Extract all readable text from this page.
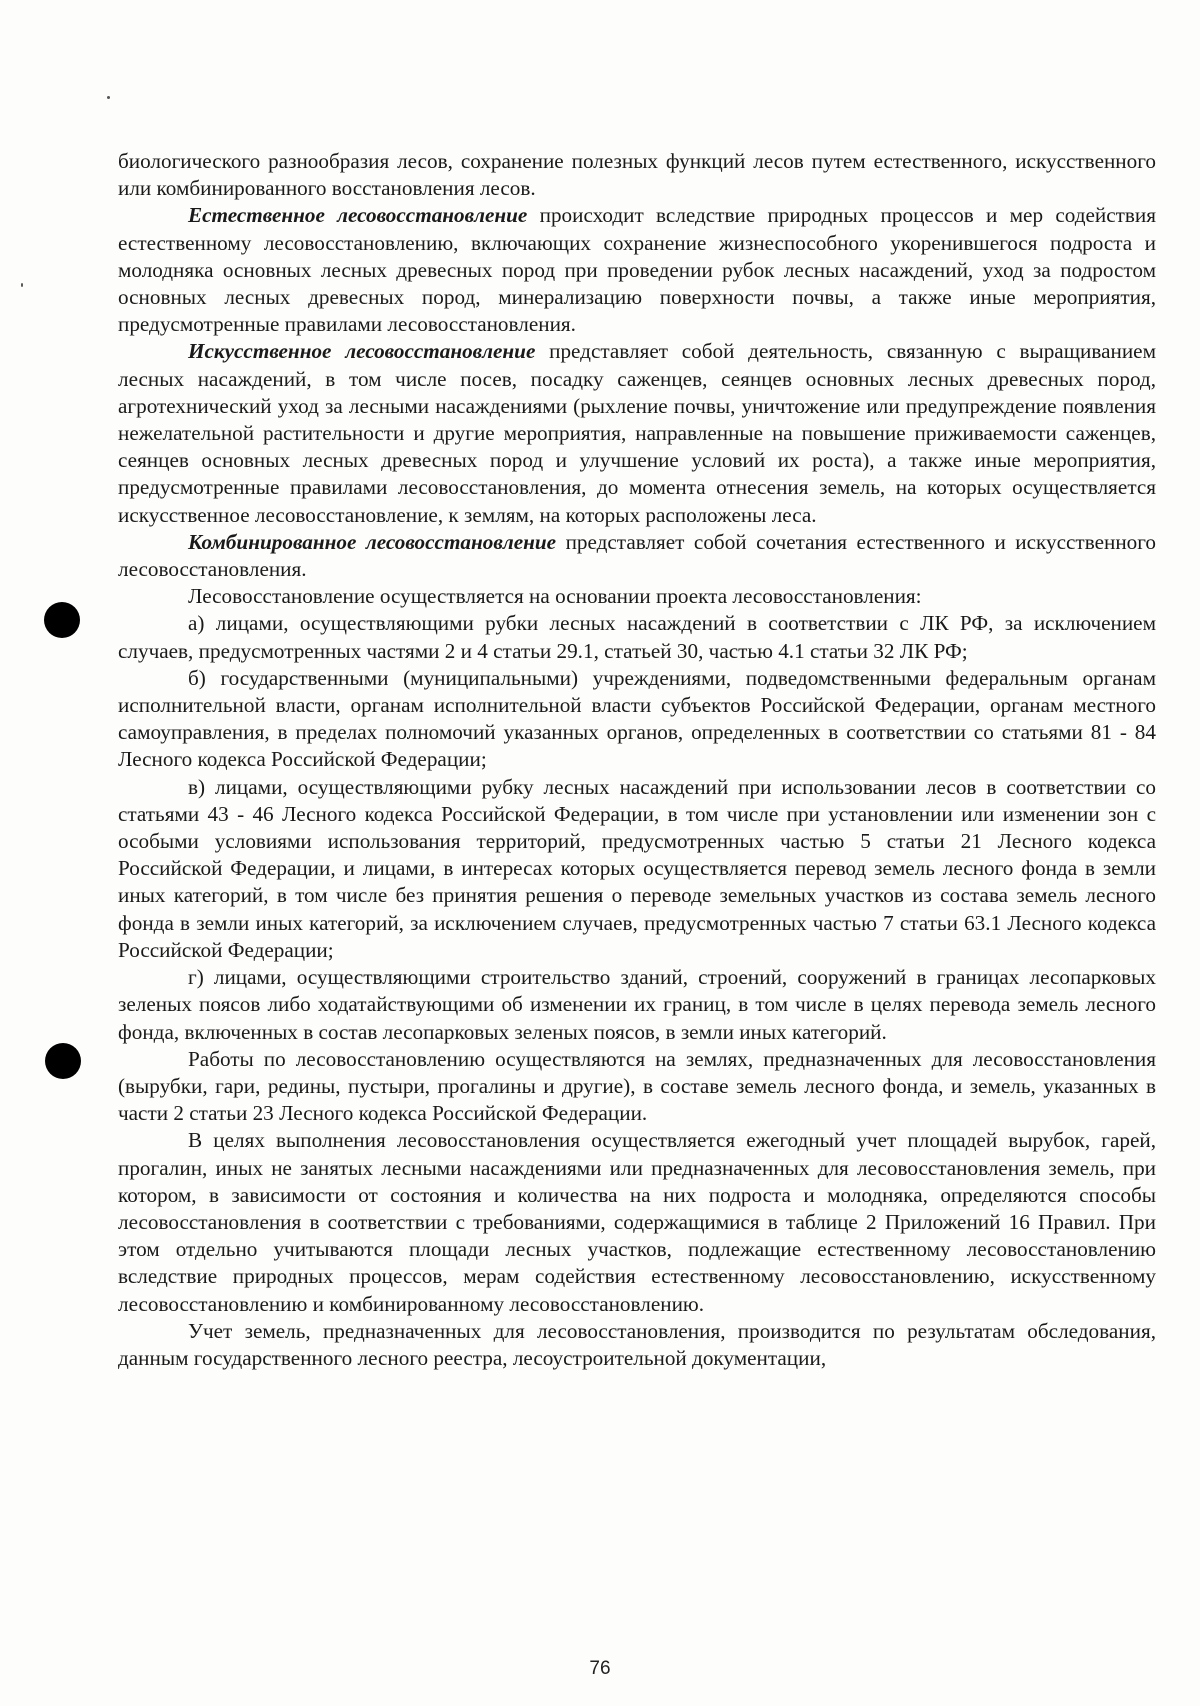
биологического разнообразия лесов, сохранение полезных функций лесов путем естественного, искусственного или комбинированного восстановления лесов.

Естественное лесовосстановление происходит вследствие природных процессов и мер содействия естественному лесовосстановлению, включающих сохранение жизнеспособного укоренившегося подроста и молодняка основных лесных древесных пород при проведении рубок лесных насаждений, уход за подростом основных лесных древесных пород, минерализацию поверхности почвы, а также иные мероприятия, предусмотренные правилами лесовосстановления.

Искусственное лесовосстановление представляет собой деятельность, связанную с выращиванием лесных насаждений, в том числе посев, посадку саженцев, сеянцев основных лесных древесных пород, агротехнический уход за лесными насаждениями (рыхление почвы, уничтожение или предупреждение появления нежелательной растительности и другие мероприятия, направленные на повышение приживаемости саженцев, сеянцев основных лесных древесных пород и улучшение условий их роста), а также иные мероприятия, предусмотренные правилами лесовосстановления, до момента отнесения земель, на которых осуществляется искусственное лесовосстановление, к землям, на которых расположены леса.

Комбинированное лесовосстановление представляет собой сочетания естественного и искусственного лесовосстановления.

Лесовосстановление осуществляется на основании проекта лесовосстановления:

а) лицами, осуществляющими рубки лесных насаждений в соответствии с ЛК РФ, за исключением случаев, предусмотренных частями 2 и 4 статьи 29.1, статьей 30, частью 4.1 статьи 32 ЛК РФ;

б) государственными (муниципальными) учреждениями, подведомственными федеральным органам исполнительной власти, органам исполнительной власти субъектов Российской Федерации, органам местного самоуправления, в пределах полномочий указанных органов, определенных в соответствии со статьями 81 - 84 Лесного кодекса Российской Федерации;

в) лицами, осуществляющими рубку лесных насаждений при использовании лесов в соответствии со статьями 43 - 46 Лесного кодекса Российской Федерации, в том числе при установлении или изменении зон с особыми условиями использования территорий, предусмотренных частью 5 статьи 21 Лесного кодекса Российской Федерации, и лицами, в интересах которых осуществляется перевод земель лесного фонда в земли иных категорий, в том числе без принятия решения о переводе земельных участков из состава земель лесного фонда в земли иных категорий, за исключением случаев, предусмотренных частью 7 статьи 63.1 Лесного кодекса Российской Федерации;

г) лицами, осуществляющими строительство зданий, строений, сооружений в границах лесопарковых зеленых поясов либо ходатайствующими об изменении их границ, в том числе в целях перевода земель лесного фонда, включенных в состав лесопарковых зеленых поясов, в земли иных категорий.

Работы по лесовосстановлению осуществляются на землях, предназначенных для лесовосстановления (вырубки, гари, редины, пустыри, прогалины и другие), в составе земель лесного фонда, и земель, указанных в части 2 статьи 23 Лесного кодекса Российской Федерации.

В целях выполнения лесовосстановления осуществляется ежегодный учет площадей вырубок, гарей, прогалин, иных не занятых лесными насаждениями или предназначенных для лесовосстановления земель, при котором, в зависимости от состояния и количества на них подроста и молодняка, определяются способы лесовосстановления в соответствии с требованиями, содержащимися в таблице 2 Приложений 16 Правил. При этом отдельно учитываются площади лесных участков, подлежащие естественному лесовосстановлению вследствие природных процессов, мерам содействия естественному лесовосстановлению, искусственному лесовосстановлению и комбинированному лесовосстановлению.

Учет земель, предназначенных для лесовосстановления, производится по результатам обследования, данным государственного лесного реестра, лесоустроительной документации,

76
